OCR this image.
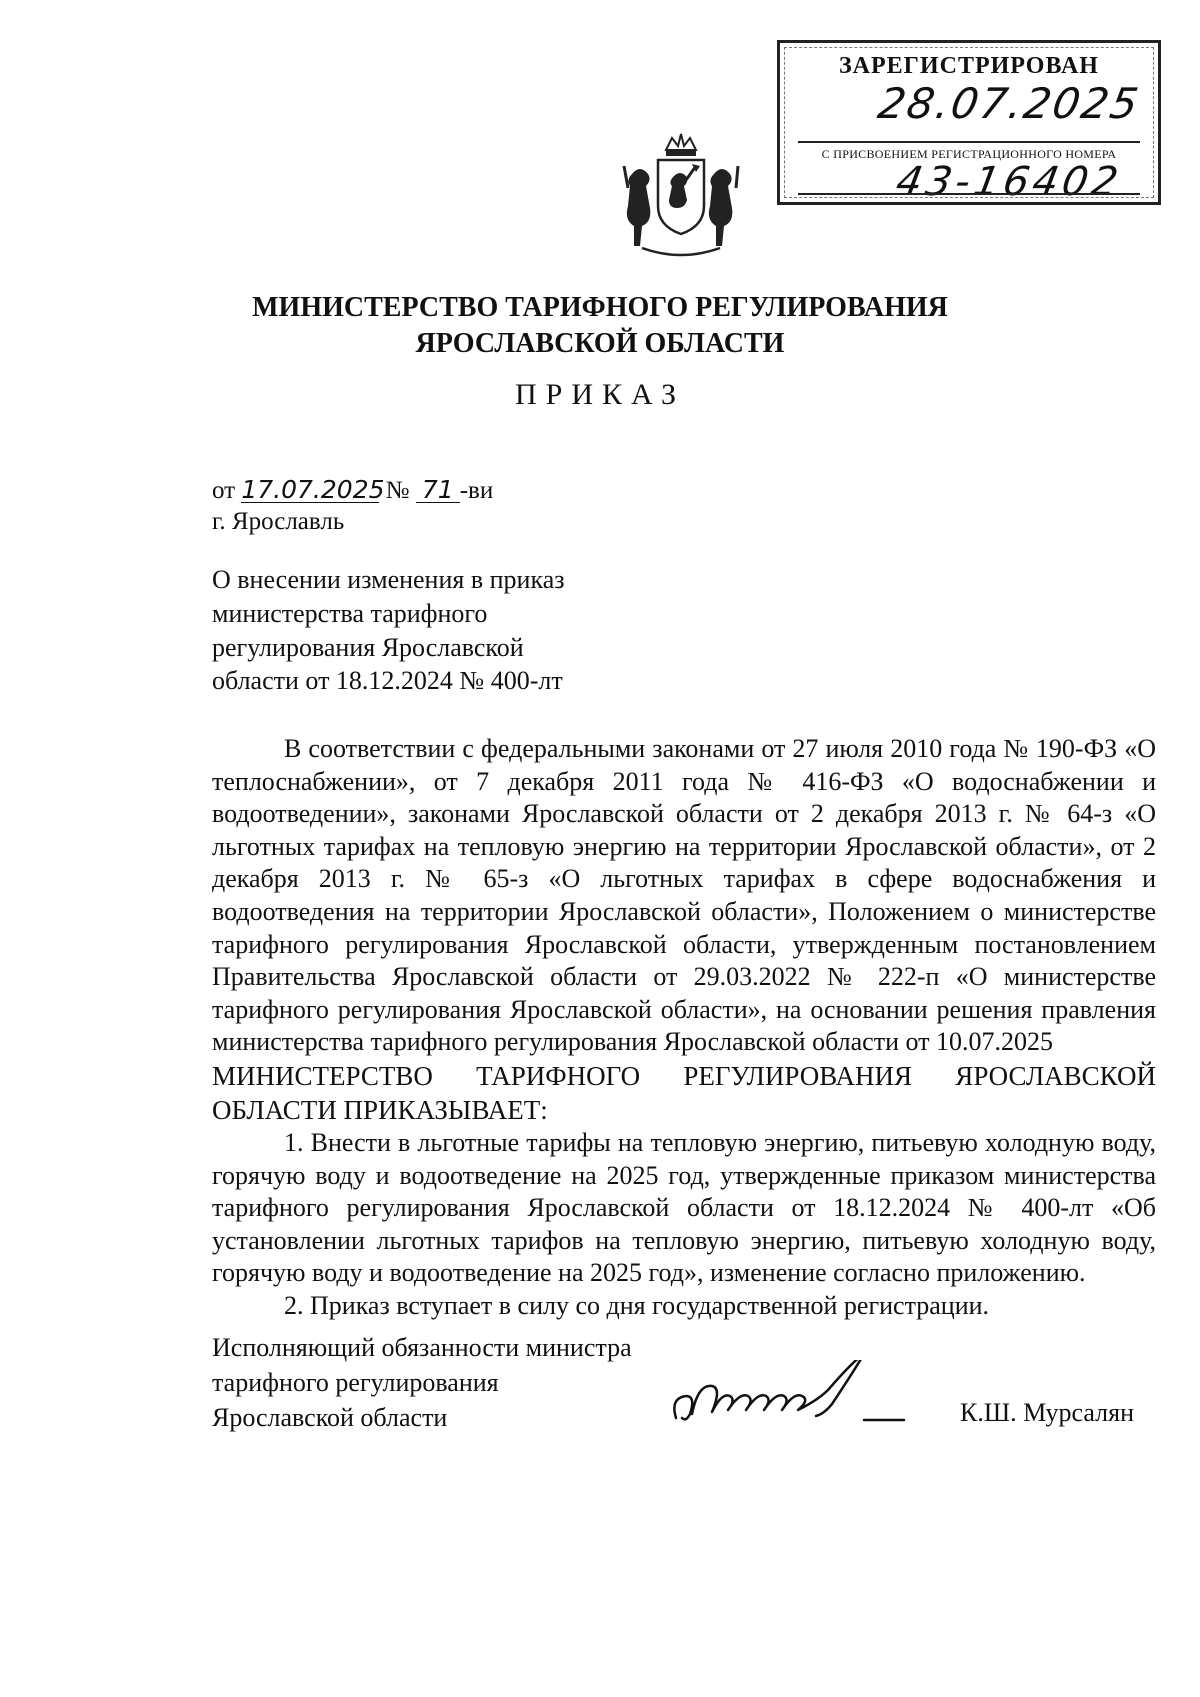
ЗАРЕГИСТРИРОВАН
28.07.2025
С ПРИСВОЕНИЕМ РЕГИСТРАЦИОННОГО НОМЕРА
43-16402
МИНИСТЕРСТВО ТАРИФНОГО РЕГУЛИРОВАНИЯ
ЯРОСЛАВСКОЙ ОБЛАСТИ
ПРИКАЗ
от 17.07.2025 № 71 -ви
г. Ярославль
О внесении изменения в приказ
министерства тарифного
регулирования Ярославской
области от 18.12.2024 № 400-лт

В соответствии с федеральными законами от 27 июля 2010 года № 190-ФЗ «О теплоснабжении», от 7 декабря 2011 года № 416-ФЗ «О водоснабжении и водоотведении», законами Ярославской области от 2 декабря 2013 г. № 64-з «О льготных тарифах на тепловую энергию на территории Ярославской области», от 2 декабря 2013 г. № 65-з «О льготных тарифах в сфере водоснабжения и водоотведения на территории Ярославской области», Положением о министерстве тарифного регулирования Ярославской области, утвержденным постановлением Правительства Ярославской области от 29.03.2022 № 222-п «О министерстве тарифного регулирования Ярославской области», на основании решения правления министерства тарифного регулирования Ярославской области от 10.07.2025

МИНИСТЕРСТВО ТАРИФНОГО РЕГУЛИРОВАНИЯ ЯРОСЛАВСКОЙ ОБЛАСТИ ПРИКАЗЫВАЕТ:

1. Внести в льготные тарифы на тепловую энергию, питьевую холодную воду, горячую воду и водоотведение на 2025 год, утвержденные приказом министерства тарифного регулирования Ярославской области от 18.12.2024 № 400-лт «Об установлении льготных тарифов на тепловую энергию, питьевую холодную воду, горячую воду и водоотведение на 2025 год», изменение согласно приложению.

2. Приказ вступает в силу со дня государственной регистрации.

Исполняющий обязанности министра
тарифного регулирования
Ярославской области	К.Ш. Мурсалян
